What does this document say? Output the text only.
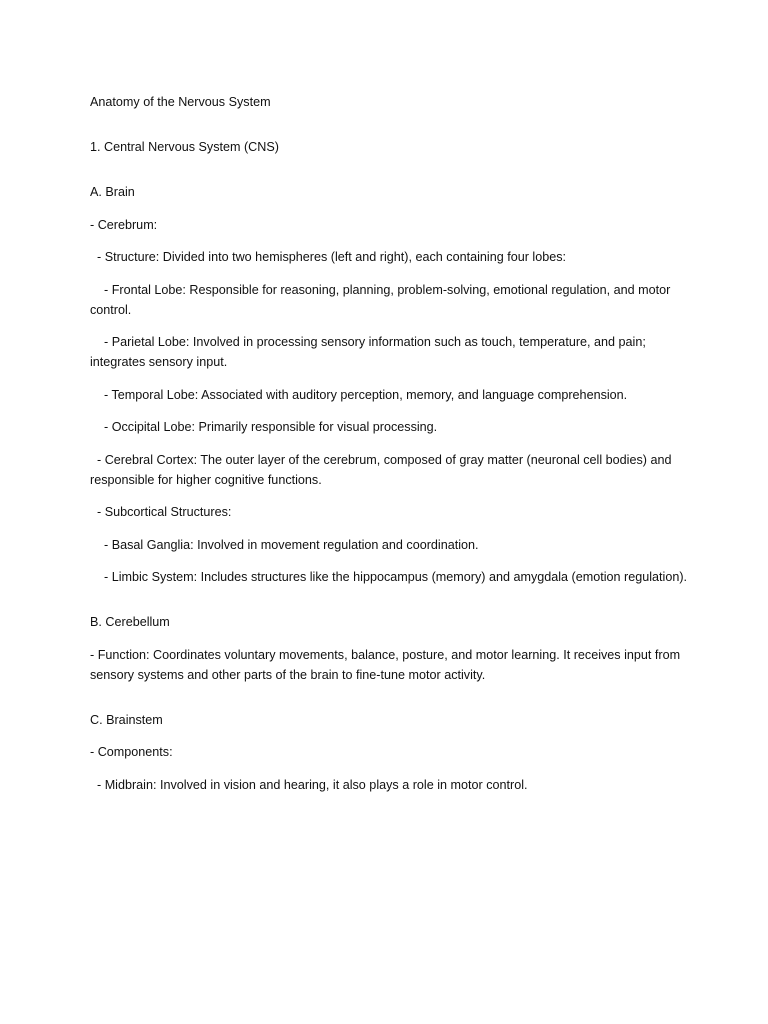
Anatomy of the Nervous System

1. Central Nervous System (CNS)

A. Brain

- Cerebrum:

- Structure: Divided into two hemispheres (left and right), each containing four lobes:

- Frontal Lobe: Responsible for reasoning, planning, problem-solving, emotional regulation, and motor control.

- Parietal Lobe: Involved in processing sensory information such as touch, temperature, and pain; integrates sensory input.

- Temporal Lobe: Associated with auditory perception, memory, and language comprehension.

- Occipital Lobe: Primarily responsible for visual processing.

- Cerebral Cortex: The outer layer of the cerebrum, composed of gray matter (neuronal cell bodies) and responsible for higher cognitive functions.

- Subcortical Structures:

- Basal Ganglia: Involved in movement regulation and coordination.

- Limbic System: Includes structures like the hippocampus (memory) and amygdala (emotion regulation).

B. Cerebellum

- Function: Coordinates voluntary movements, balance, posture, and motor learning. It receives input from sensory systems and other parts of the brain to fine-tune motor activity.

C. Brainstem

- Components:

- Midbrain: Involved in vision and hearing, it also plays a role in motor control.
